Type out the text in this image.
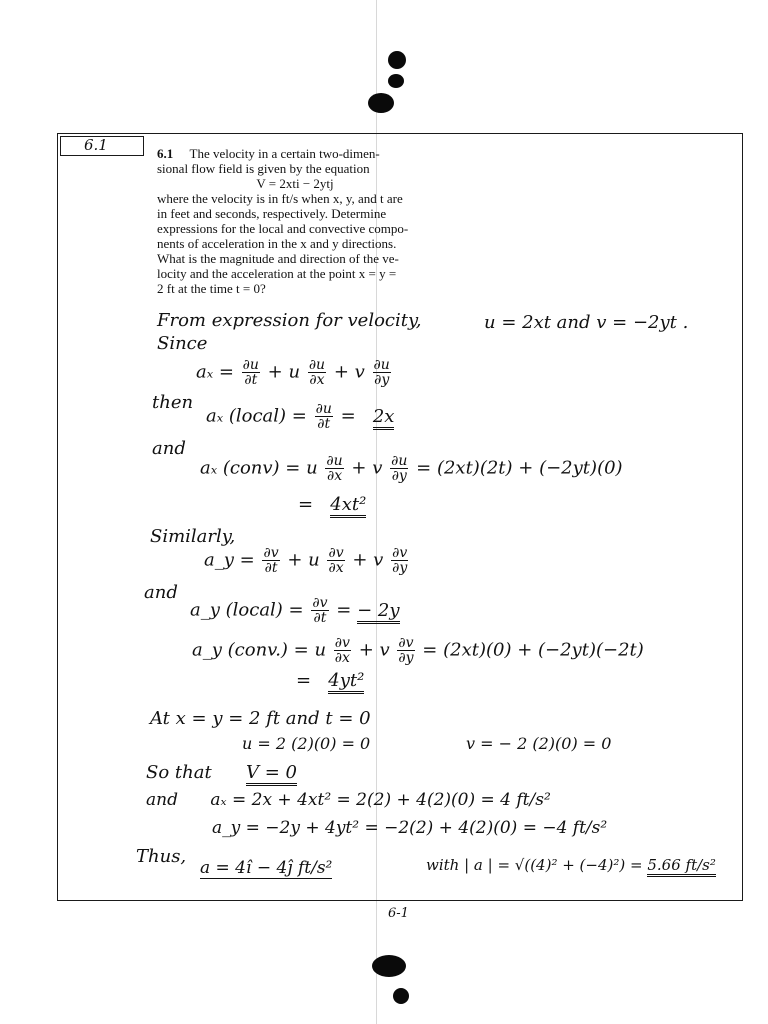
6.1	6.1 The velocity in a certain two-dimen-
sional flow field is given by the equation
V = 2xti − 2ytj
where the velocity is in ft/s when x, y, and t are
in feet and seconds, respectively. Determine
expressions for the local and convective compo-
nents of acceleration in the x and y directions.
What is the magnitude and direction of the ve-
locity and the acceleration at the point x = y =
2 ft at the time t = 0?
From expression for velocity,	u = 2xt and v = −2yt .
Since
$a_x = \frac{\partial u}{\partial t} + u \frac{\partial u}{\partial x} + v \frac{\partial u}{\partial y}$
then
aₓ (local) = $\frac{\partial u}{\partial t} = 2x$
and
aₓ (conv) = u $\frac{\partial u}{\partial x} + v \frac{\partial u}{\partial y} = (2xt)(2t) + (-2yt)(0)$
= 4xt²
Similarly,
a_y = $\frac{\partial v}{\partial t} + u \frac{\partial v}{\partial x} + v \frac{\partial v}{\partial y}$
and
a_y (local) = $\frac{\partial v}{\partial t}$ = − 2y
a_y (conv.) = u $\frac{\partial v}{\partial x} + v \frac{\partial v}{\partial y} = (2xt)(0) + (-2yt)(-2t)$
= 4yt²
At x = y = 2 ft and t = 0
u = 2 (2)(0) = 0	v = − 2 (2)(0) = 0
So that V = 0
and aₓ = 2x + 4xt² = 2(2) + 4(2)(0) = 4 ft/s²
a_y = −2y + 4yt² = −2(2) + 4(2)(0) = −4 ft/s²
Thus,
a = 4î − 4ĵ ft/s²	with | a | = √((4)² + (−4)²) = 5.66 ft/s²
6-1
